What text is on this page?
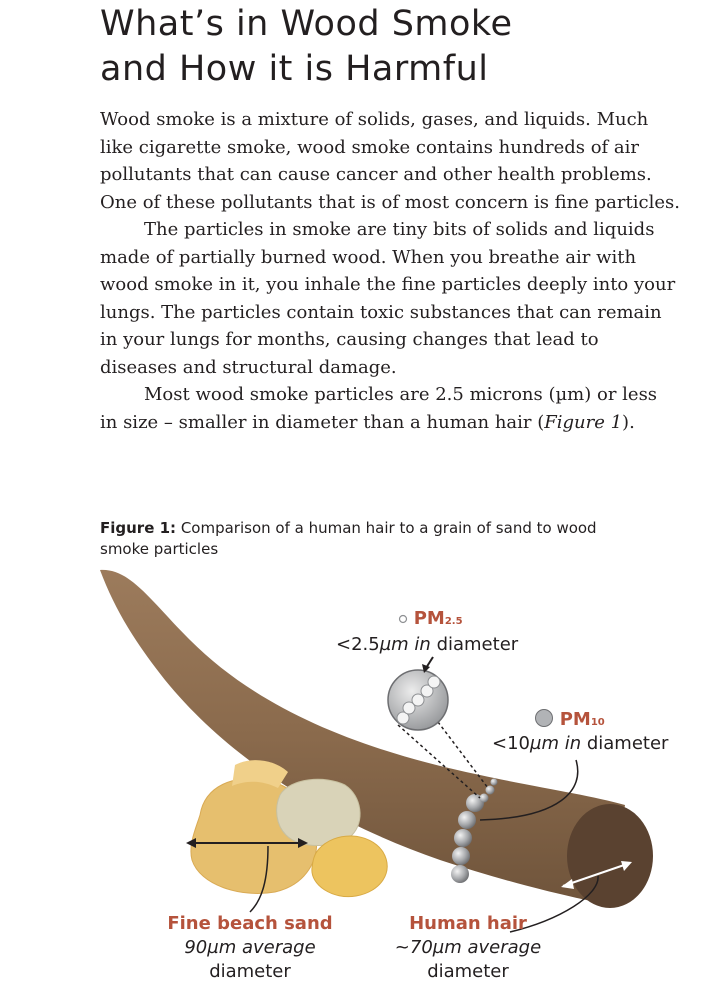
What’s in Wood Smoke
and How it is Harmful

Wood smoke is a mixture of solids, gases, and liquids. Much like cigarette smoke, wood smoke contains hundreds of air pollutants that can cause cancer and other health problems. One of these pollutants that is of most concern is fine particles.

The particles in smoke are tiny bits of solids and liquids made of partially burned wood. When you breathe air with wood smoke in it, you inhale the fine particles deeply into your lungs. The particles contain toxic substances that can remain in your lungs for months, causing changes that lead to diseases and structural damage.

Most wood smoke particles are 2.5 microns (µm) or less in size – smaller in diameter than a human hair (Figure 1).

Figure 1: Comparison of a human hair to a grain of sand to wood smoke particles
PM2.5
<2.5µm in diameter
PM10
<10µm in diameter
Fine beach sand
90µm average
diameter
Human hair
~70µm average
diameter
